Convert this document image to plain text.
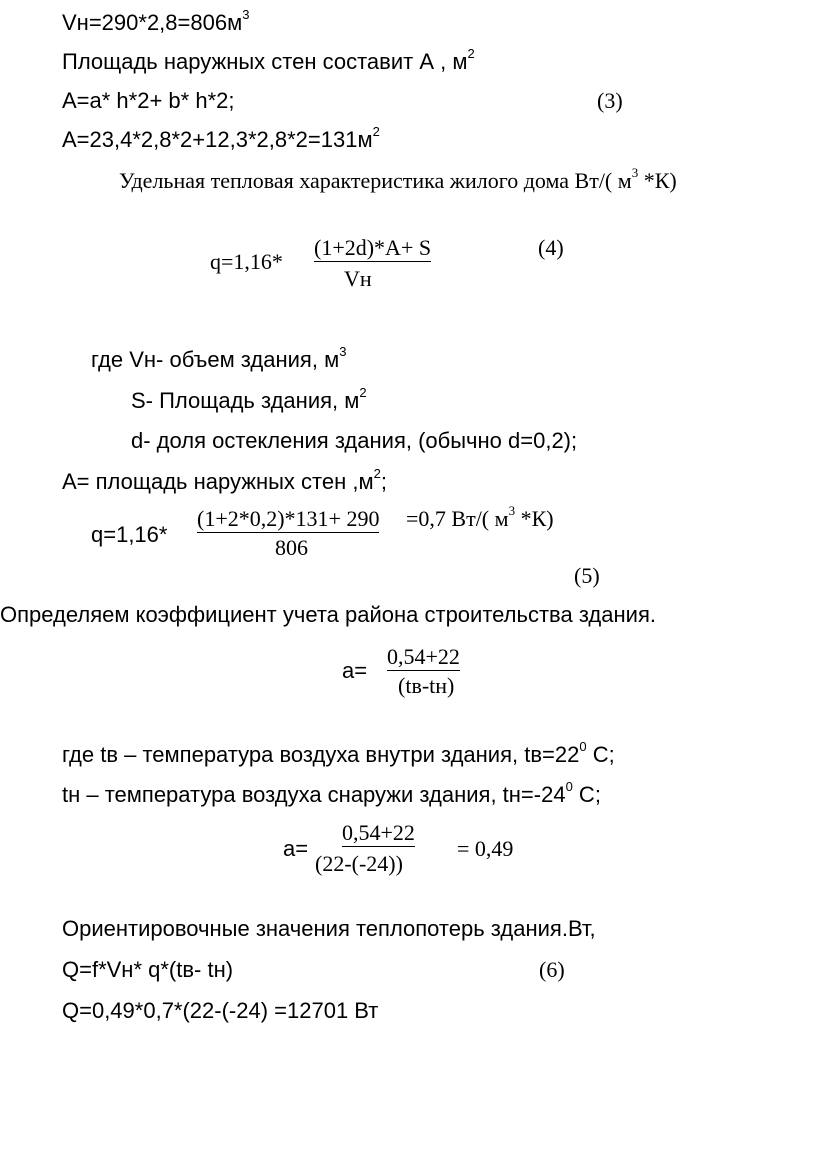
$Vн=290*2,8=806м^3$
Площадь наружных стен составит А , $м^2$
A=a* h*2+ b* h*2;	(3)
$A=23,4*2,8*2+12,3*2,8*2=131м^2$
Удельная тепловая характеристика жилого дома Вт/( $м^3$ *К)
q=1,16*
(1+2d)*A+ S
Vн
(4)
где Vн- объем здания, $м^3$
S- Площадь здания, $м^2$
d- доля остекления здания, (обычно d=0,2);
A= площадь наружных стен $,м^2$;
q=1,16*
(1+2*0,2)*131+ 290
806
=0,7 Вт/( $м^3$ *К)
(5)
Определяем коэффициент учета района строительства здания.
a=
0,54+22
(tв-tн)
где tв – температура воздуха внутри здания, $tв=22^0$ С;
tн – температура воздуха снаружи здания, $tн=-24^0$ С;
a=
0,54+22
(22-(-24))
= 0,49
Ориентировочные значения теплопотерь здания.Вт,
Q=f*Vн* q*(tв- tн)	(6)
Q=0,49*0,7*(22-(-24) =12701 Вт
